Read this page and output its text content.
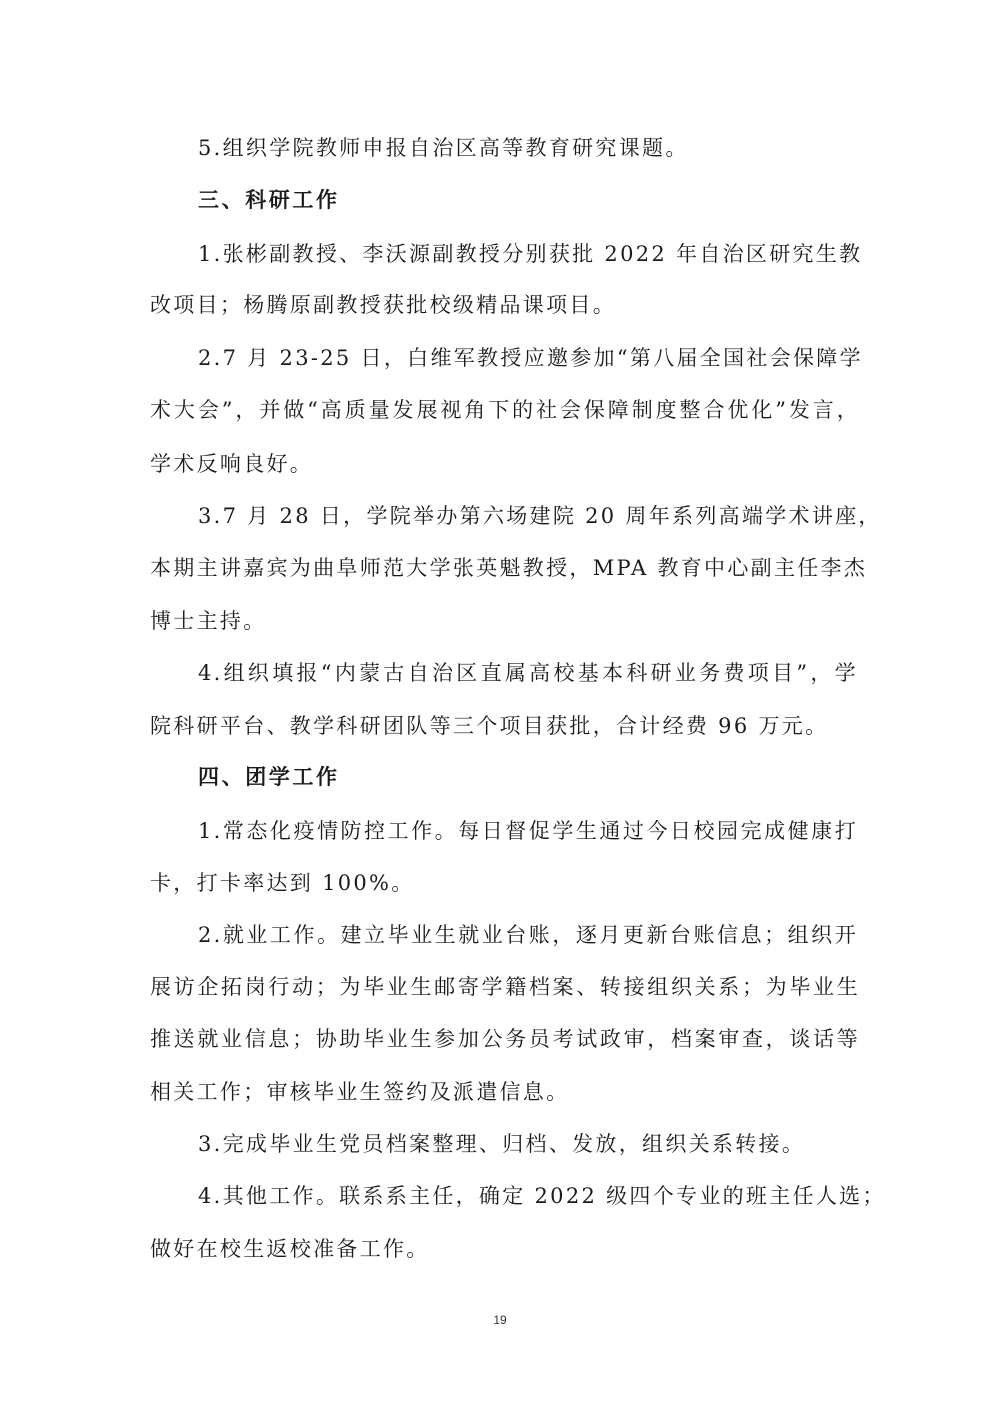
5.组织学院教师申报自治区高等教育研究课题。
三、科研工作
1.张彬副教授、李沃源副教授分别获批 2022 年自治区研究生教
改项目；杨腾原副教授获批校级精品课项目。
2.7 月 23-25 日，白维军教授应邀参加“第八届全国社会保障学
术大会”，并做“高质量发展视角下的社会保障制度整合优化”发言，
学术反响良好。
3.7 月 28 日，学院举办第六场建院 20 周年系列高端学术讲座，
本期主讲嘉宾为曲阜师范大学张英魁教授，MPA 教育中心副主任李杰
博士主持。
4.组织填报“内蒙古自治区直属高校基本科研业务费项目”，学
院科研平台、教学科研团队等三个项目获批，合计经费 96 万元。
四、团学工作
1.常态化疫情防控工作。每日督促学生通过今日校园完成健康打
卡，打卡率达到 100%。
2.就业工作。建立毕业生就业台账，逐月更新台账信息；组织开
展访企拓岗行动；为毕业生邮寄学籍档案、转接组织关系；为毕业生
推送就业信息；协助毕业生参加公务员考试政审，档案审查，谈话等
相关工作；审核毕业生签约及派遣信息。
3.完成毕业生党员档案整理、归档、发放，组织关系转接。
4.其他工作。联系系主任，确定 2022 级四个专业的班主任人选；
做好在校生返校准备工作。
19
